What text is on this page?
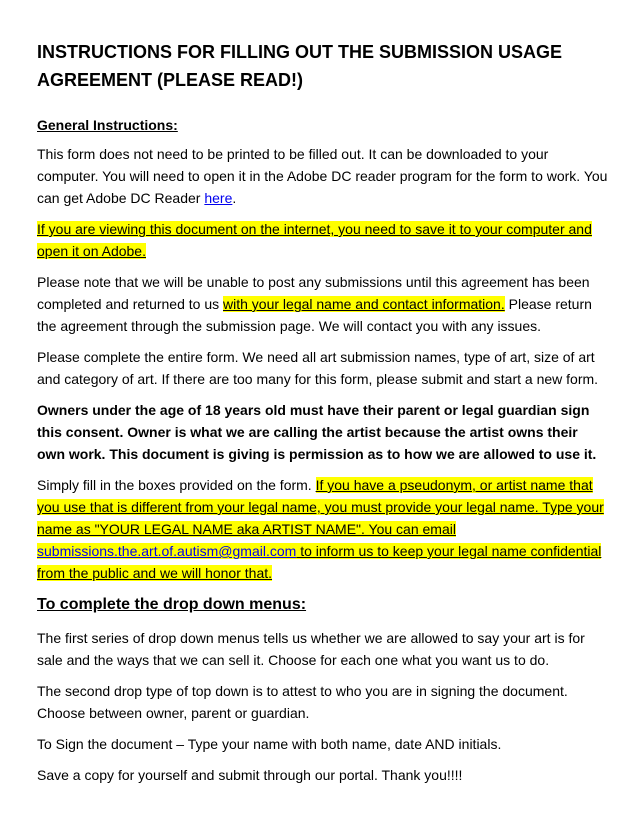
INSTRUCTIONS FOR FILLING OUT THE SUBMISSION USAGE AGREEMENT (PLEASE READ!)
General Instructions:

This form does not need to be printed to be filled out. It can be downloaded to your computer. You will need to open it in the Adobe DC reader program for the form to work. You can get Adobe DC Reader here.

If you are viewing this document on the internet, you need to save it to your computer and open it on Adobe.

Please note that we will be unable to post any submissions until this agreement has been completed and returned to us with your legal name and contact information. Please return the agreement through the submission page. We will contact you with any issues.

Please complete the entire form. We need all art submission names, type of art, size of art and category of art. If there are too many for this form, please submit and start a new form.

Owners under the age of 18 years old must have their parent or legal guardian sign this consent. Owner is what we are calling the artist because the artist owns their own work. This document is giving is permission as to how we are allowed to use it.

Simply fill in the boxes provided on the form. If you have a pseudonym, or artist name that you use that is different from your legal name, you must provide your legal name. Type your name as "YOUR LEGAL NAME aka ARTIST NAME". You can email submissions.the.art.of.autism@gmail.com to inform us to keep your legal name confidential from the public and we will honor that.

To complete the drop down menus:

The first series of drop down menus tells us whether we are allowed to say your art is for sale and the ways that we can sell it. Choose for each one what you want us to do.

The second drop type of top down is to attest to who you are in signing the document. Choose between owner, parent or guardian.

To Sign the document – Type your name with both name, date AND initials.

Save a copy for yourself and submit through our portal. Thank you!!!!
